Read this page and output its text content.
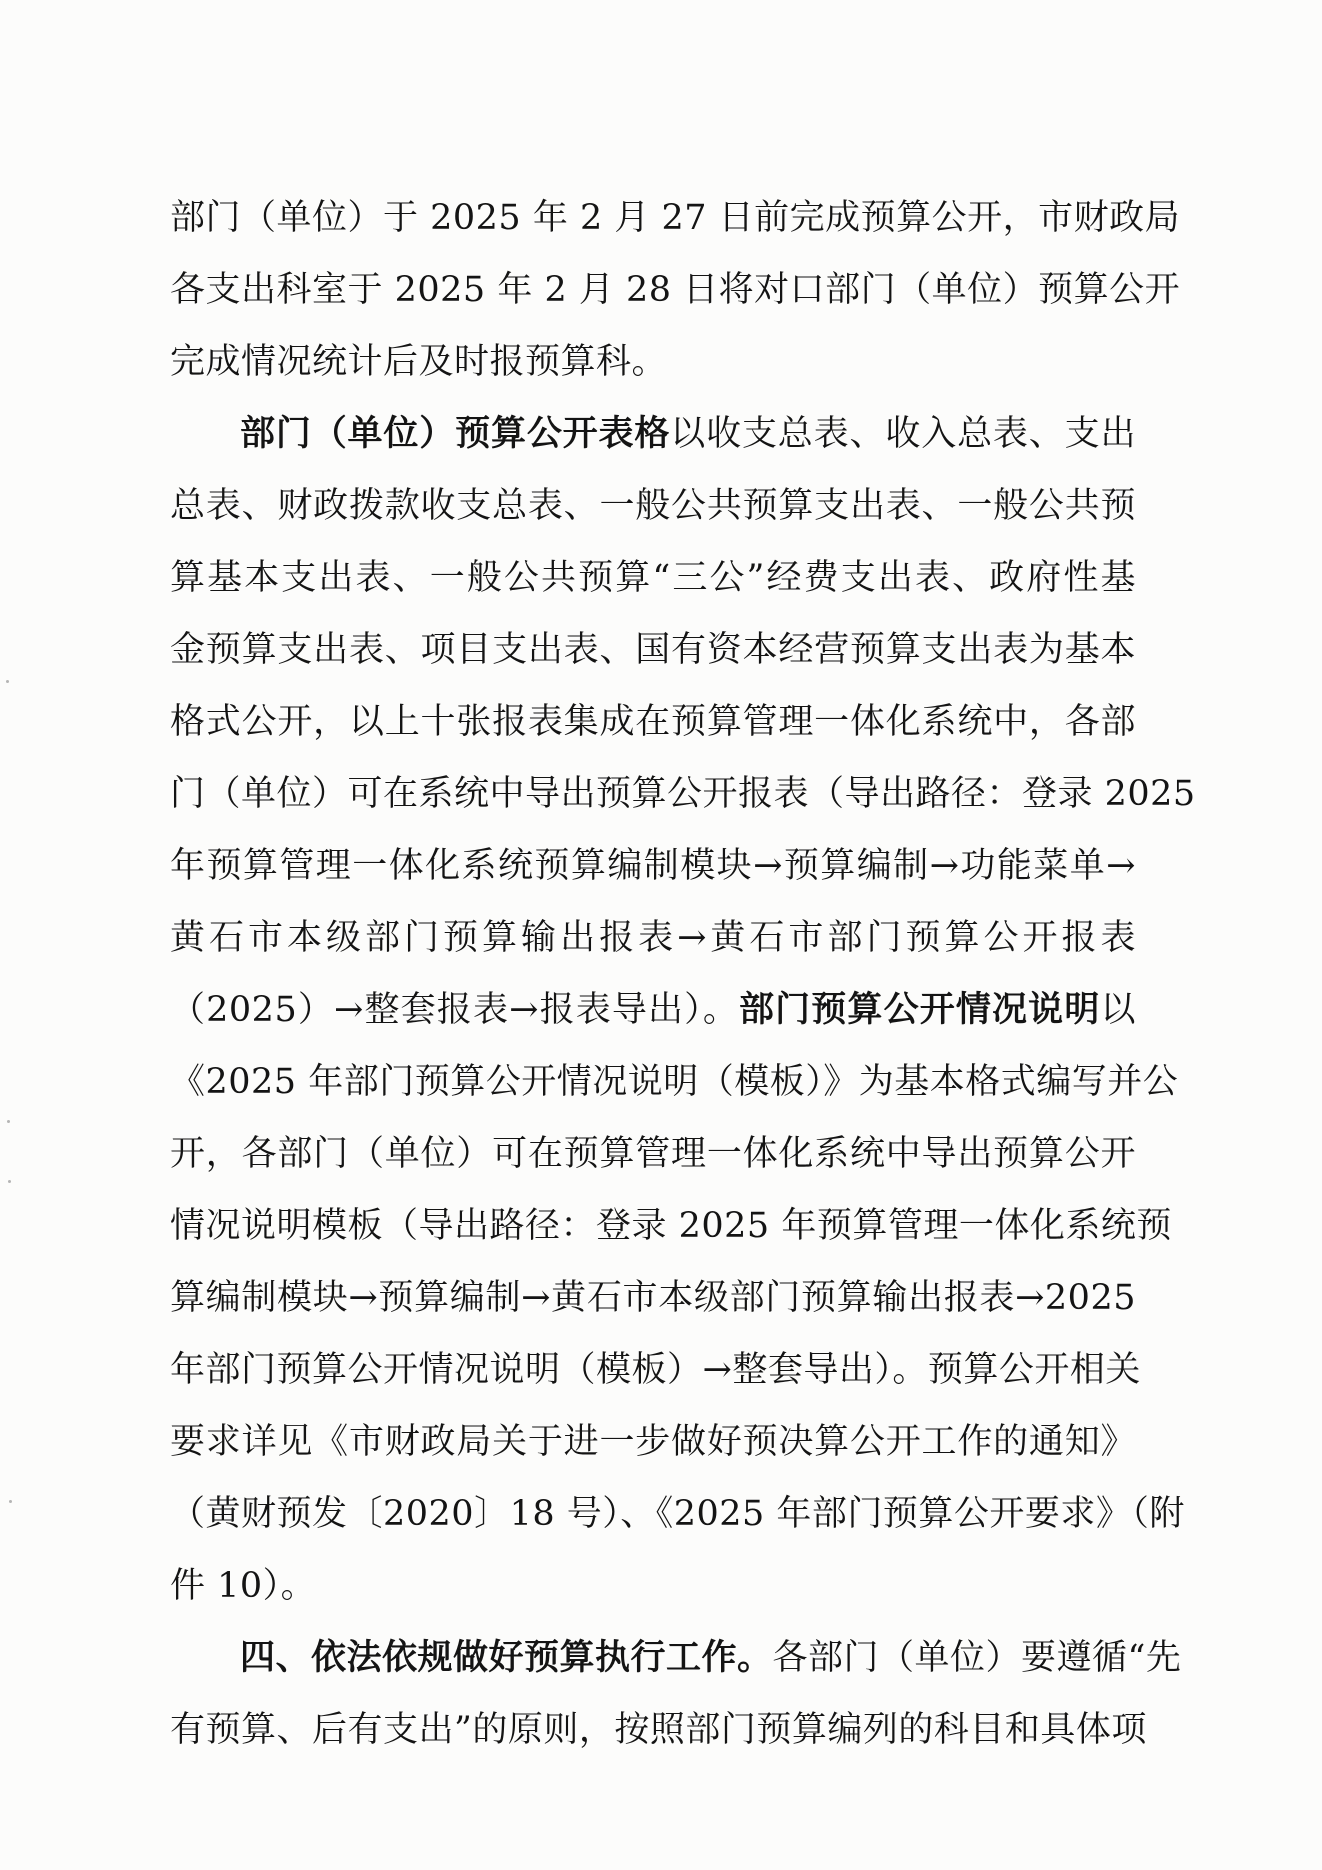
部门（单位）于 2025 年 2 月 27 日前完成预算公开，市财政局
各支出科室于 2025 年 2 月 28 日将对口部门（单位）预算公开
完成情况统计后及时报预算科。
部门（单位）预算公开表格以收支总表、收入总表、支出
总表、财政拨款收支总表、一般公共预算支出表、一般公共预
算基本支出表、一般公共预算“三公”经费支出表、政府性基
金预算支出表、项目支出表、国有资本经营预算支出表为基本
格式公开，以上十张报表集成在预算管理一体化系统中，各部
门（单位）可在系统中导出预算公开报表（导出路径：登录 2025
年预算管理一体化系统预算编制模块→预算编制→功能菜单→
黄石市本级部门预算输出报表→黄石市部门预算公开报表
（2025）→整套报表→报表导出）。部门预算公开情况说明以
《2025 年部门预算公开情况说明（模板）》为基本格式编写并公
开，各部门（单位）可在预算管理一体化系统中导出预算公开
情况说明模板（导出路径：登录 2025 年预算管理一体化系统预
算编制模块→预算编制→黄石市本级部门预算输出报表→2025
年部门预算公开情况说明（模板）→整套导出）。预算公开相关
要求详见《市财政局关于进一步做好预决算公开工作的通知》
（黄财预发〔2020〕18 号）、《2025 年部门预算公开要求》（附
件 10）。
四、依法依规做好预算执行工作。各部门（单位）要遵循“先
有预算、后有支出”的原则，按照部门预算编列的科目和具体项
